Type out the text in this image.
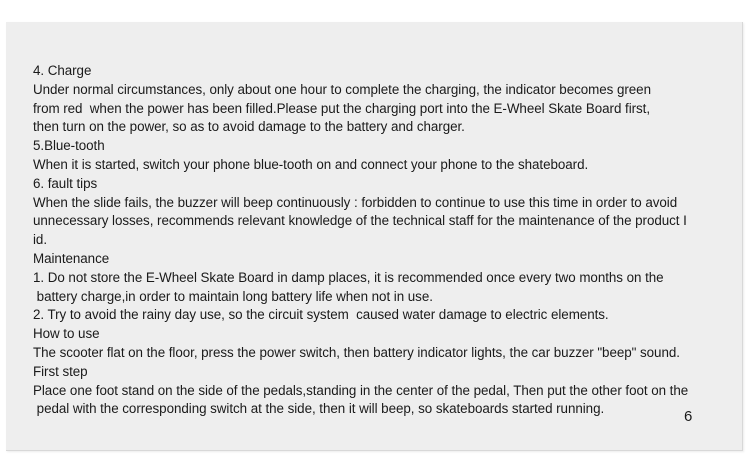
4. Charge
Under normal circumstances, only about one hour to complete the charging, the indicator becomes green
from red  when the power has been filled.Please put the charging port into the E-Wheel Skate Board first,
then turn on the power, so as to avoid damage to the battery and charger.
5.Blue-tooth
When it is started, switch your phone blue-tooth on and connect your phone to the shateboard.
6. fault tips
When the slide fails, the buzzer will beep continuously : forbidden to continue to use this time in order to avoid
unnecessary losses, recommends relevant knowledge of the technical staff for the maintenance of the product I
id.
Maintenance
1. Do not store the E-Wheel Skate Board in damp places, it is recommended once every two months on the
battery charge,in order to maintain long battery life when not in use.
2. Try to avoid the rainy day use, so the circuit system  caused water damage to electric elements.
How to use
The scooter flat on the floor, press the power switch, then battery indicator lights, the car buzzer "beep" sound.
First step
Place one foot stand on the side of the pedals,standing in the center of the pedal, Then put the other foot on the
pedal with the corresponding switch at the side, then it will beep, so skateboards started running.	6
